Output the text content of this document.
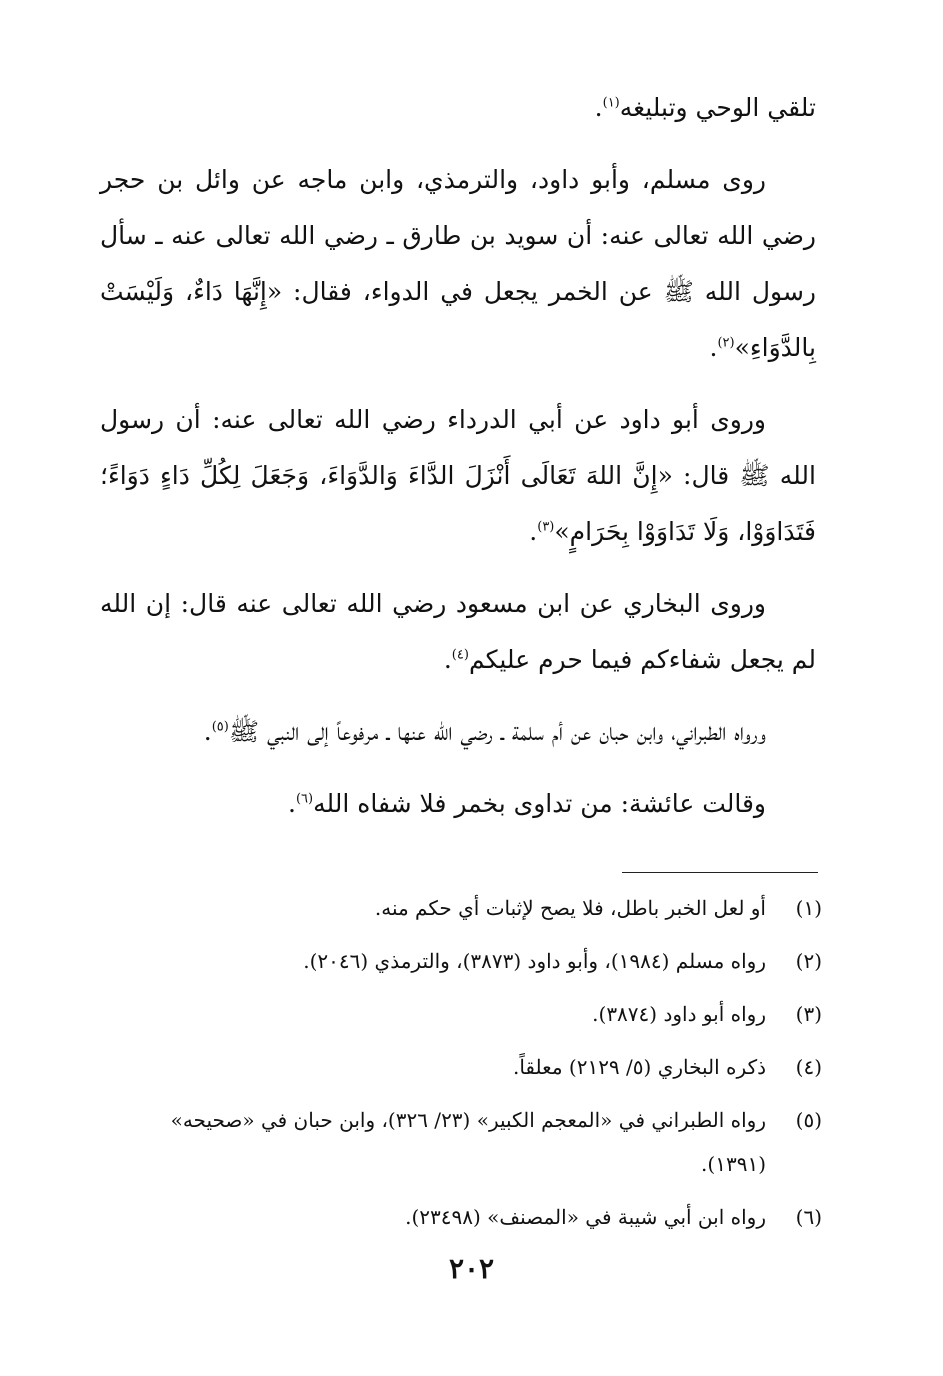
تلقي الوحي وتبليغه$^{(١)}$.

روى مسلم، وأبو داود، والترمذي، وابن ماجه عن وائل بن حجر رضي الله تعالى عنه: أن سويد بن طارق ـ رضي الله تعالى عنه ـ سأل رسول الله ﷺ عن الخمر يجعل في الدواء، فقال: «إِنَّهَا دَاءٌ، وَلَيْسَتْ بِالدَّوَاءِ»$^{(٢)}$.

وروى أبو داود عن أبي الدرداء رضي الله تعالى عنه: أن رسول الله ﷺ قال: «إِنَّ اللهَ تَعَالَى أَنْزَلَ الدَّاءَ وَالدَّوَاءَ، وَجَعَلَ لِكُلِّ دَاءٍ دَوَاءً؛ فَتَدَاوَوْا، وَلَا تَدَاوَوْا بِحَرَامٍ»$^{(٣)}$.

وروى البخاري عن ابن مسعود رضي الله تعالى عنه قال: إن الله لم يجعل شفاءكم فيما حرم عليكم$^{(٤)}$.

ورواه الطبراني، وابن حبان عن أم سلمة ـ رضي الله عنها ـ مرفوعاً إلى النبي ﷺ$^{(٥)}$.

وقالت عائشة: من تداوى بخمر فلا شفاه الله$^{(٦)}$.

(١)
أو لعل الخبر باطل، فلا يصح لإثبات أي حكم منه.
(٢)
رواه مسلم (١٩٨٤)، وأبو داود (٣٨٧٣)، والترمذي (٢٠٤٦).
(٣)
رواه أبو داود (٣٨٧٤).
(٤)
ذكره البخاري (٥/ ٢١٢٩) معلقاً.
(٥)
رواه الطبراني في «المعجم الكبير» (٢٣/ ٣٢٦)، وابن حبان في «صحيحه» (١٣٩١).
(٦)
رواه ابن أبي شيبة في «المصنف» (٢٣٤٩٨).
٢٠٢
